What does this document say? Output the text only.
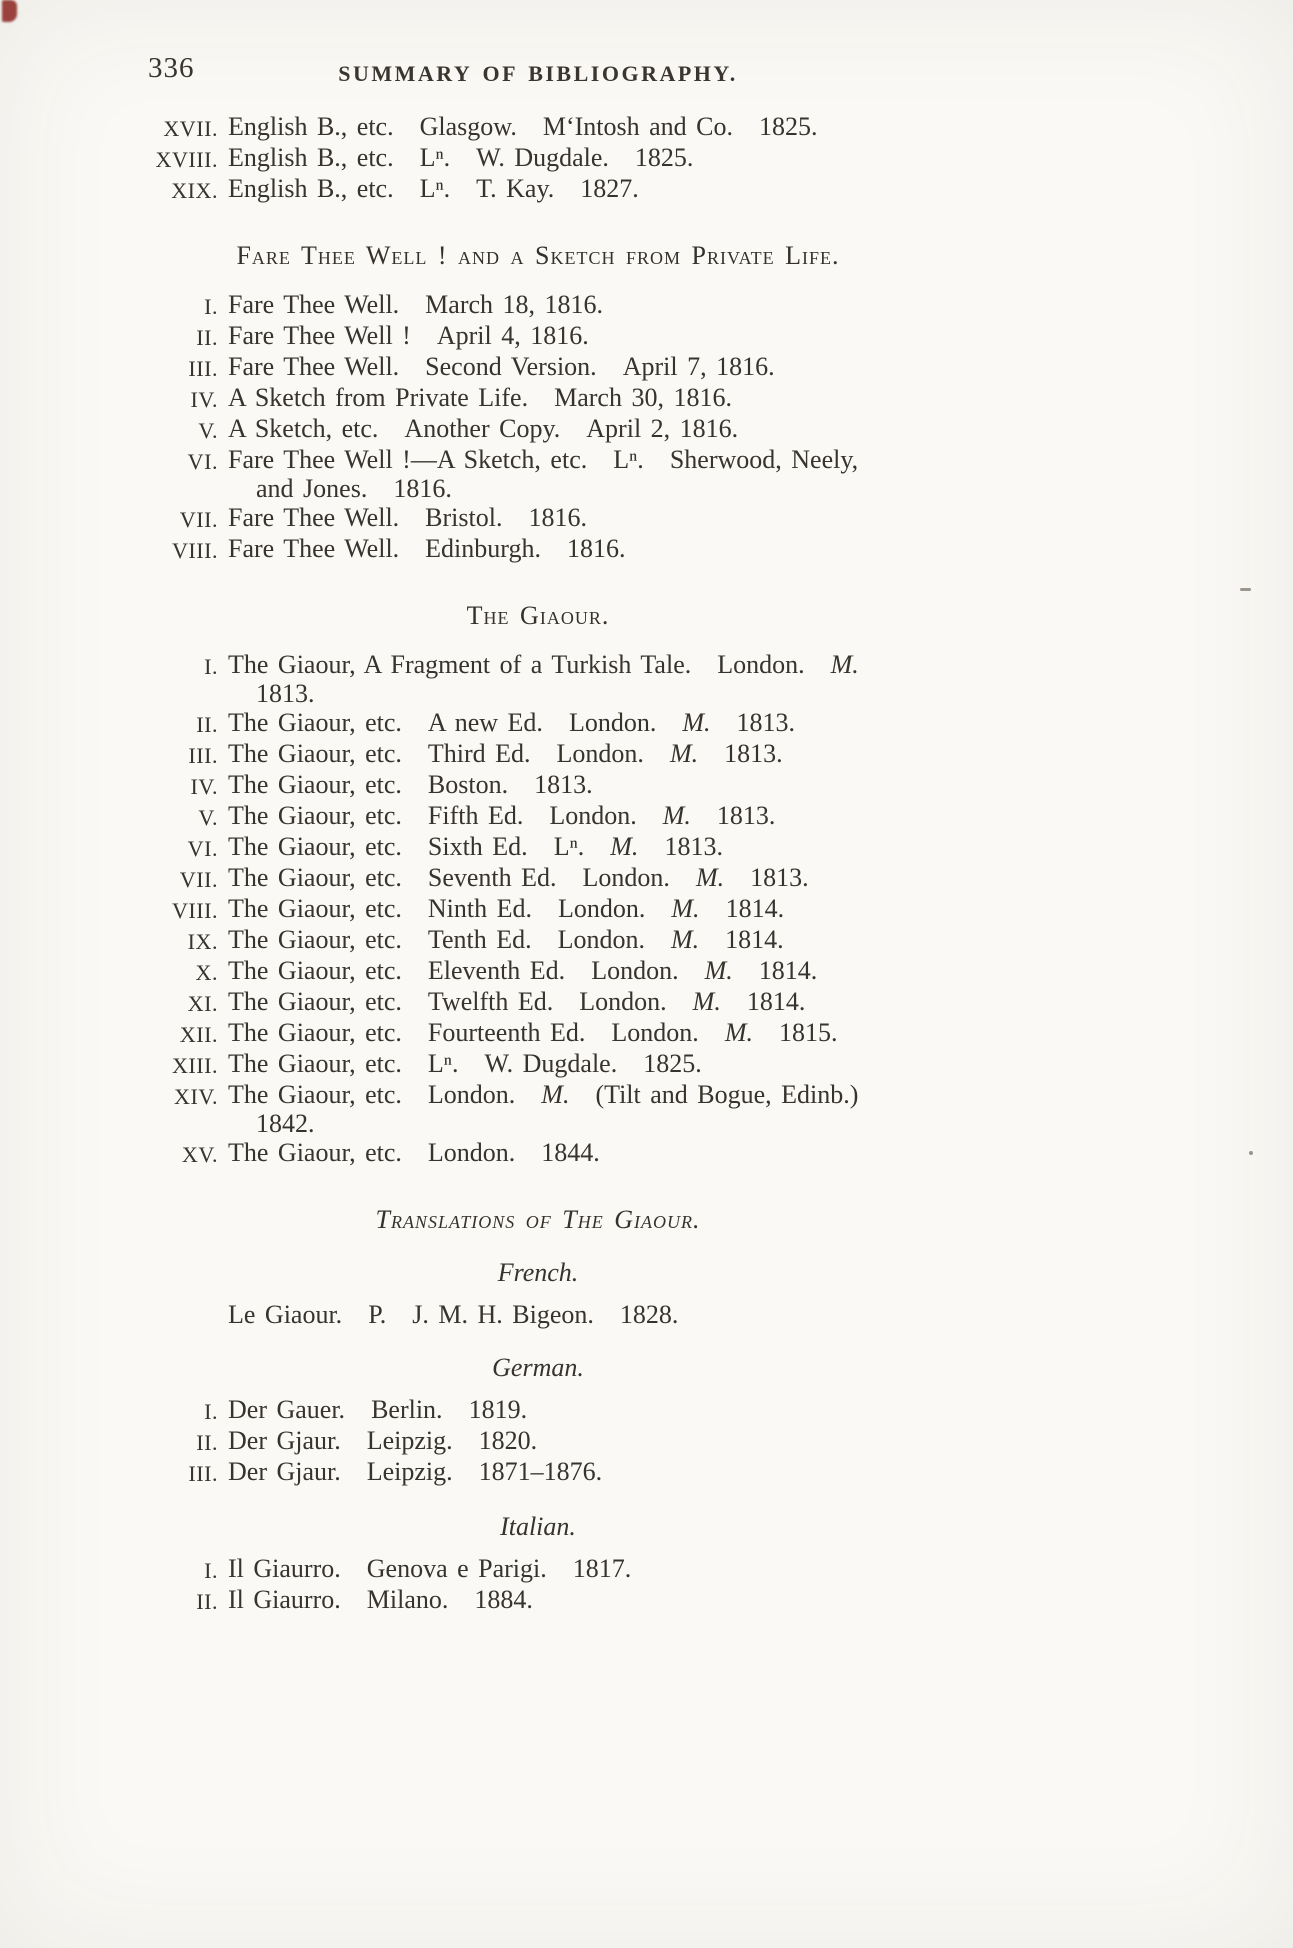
336	SUMMARY OF BIBLIOGRAPHY.
XVII. English B., etc. Glasgow. M‘Intosh and Co. 1825.
XVIII. English B., etc. Lⁿ. W. Dugdale. 1825.
XIX. English B., etc. Lⁿ. T. Kay. 1827.
Fare Thee Well ! and a Sketch from Private Life.
I. Fare Thee Well. March 18, 1816.
II. Fare Thee Well ! April 4, 1816.
III. Fare Thee Well. Second Version. April 7, 1816.
IV. A Sketch from Private Life. March 30, 1816.
V. A Sketch, etc. Another Copy. April 2, 1816.
VI. Fare Thee Well !—A Sketch, etc. Lⁿ. Sherwood, Neely,
and Jones. 1816.
VII. Fare Thee Well. Bristol. 1816.
VIII. Fare Thee Well. Edinburgh. 1816.
The Giaour.
I. The Giaour, A Fragment of a Turkish Tale. London. M.
1813.
II. The Giaour, etc. A new Ed. London. M. 1813.
III. The Giaour, etc. Third Ed. London. M. 1813.
IV. The Giaour, etc. Boston. 1813.
V. The Giaour, etc. Fifth Ed. London. M. 1813.
VI. The Giaour, etc. Sixth Ed. Lⁿ. M. 1813.
VII. The Giaour, etc. Seventh Ed. London. M. 1813.
VIII. The Giaour, etc. Ninth Ed. London. M. 1814.
IX. The Giaour, etc. Tenth Ed. London. M. 1814.
X. The Giaour, etc. Eleventh Ed. London. M. 1814.
XI. The Giaour, etc. Twelfth Ed. London. M. 1814.
XII. The Giaour, etc. Fourteenth Ed. London. M. 1815.
XIII. The Giaour, etc. Lⁿ. W. Dugdale. 1825.
XIV. The Giaour, etc. London. M. (Tilt and Bogue, Edinb.)
1842.
XV. The Giaour, etc. London. 1844.
Translations of The Giaour.
French.
Le Giaour. P. J. M. H. Bigeon. 1828.
German.
I. Der Gauer. Berlin. 1819.
II. Der Gjaur. Leipzig. 1820.
III. Der Gjaur. Leipzig. 1871–1876.
Italian.
I. Il Giaurro. Genova e Parigi. 1817.
II. Il Giaurro. Milano. 1884.
